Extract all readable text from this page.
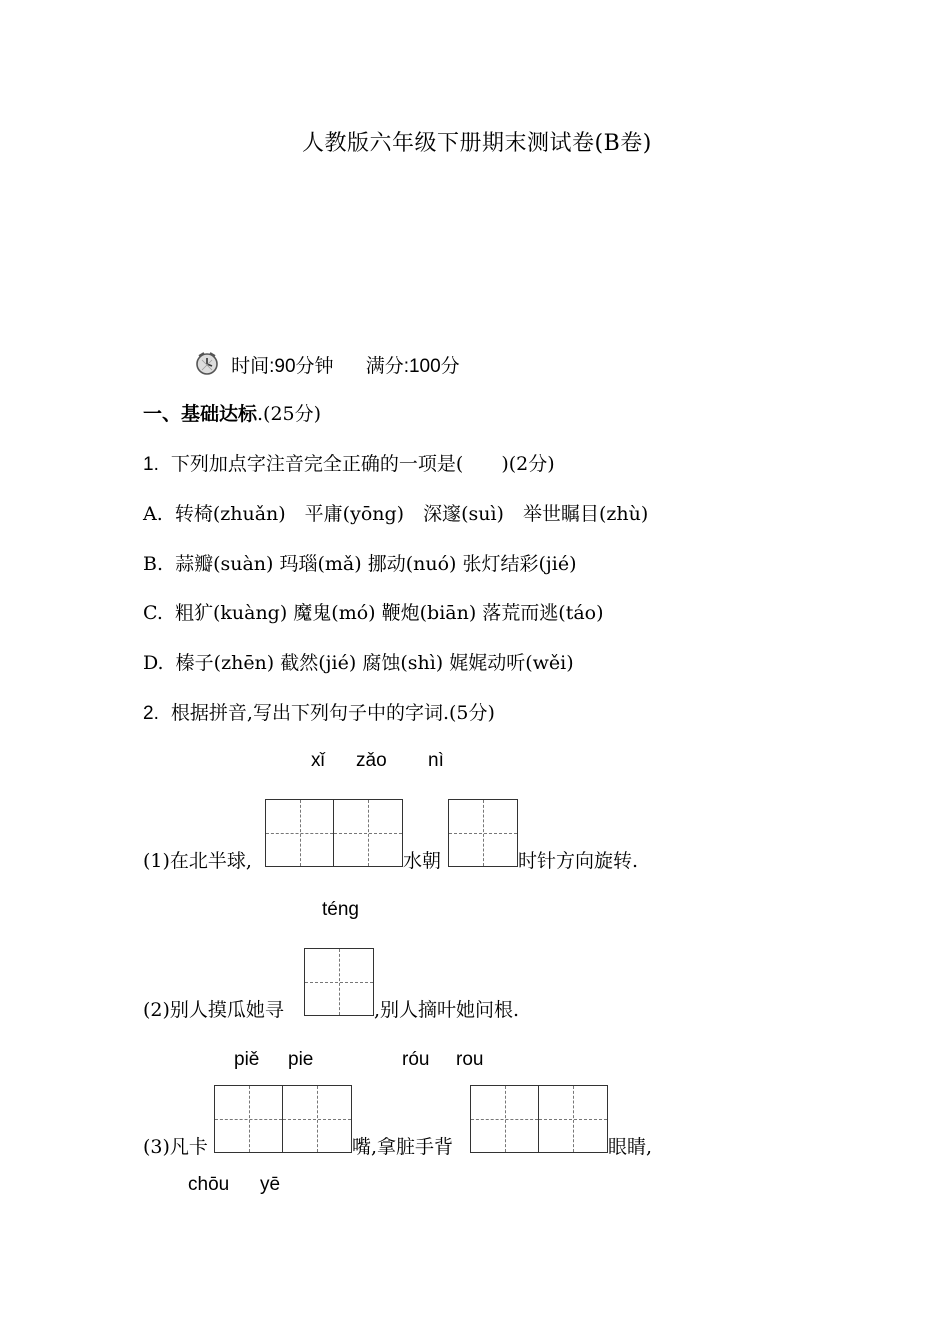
人教版六年级下册期末测试卷(B卷)
时间:90分钟 满分:100分
一、基础达标.(25分)
1. 下列加点字注音完全正确的一项是(　　)(2分)
A. 转椅(zhuǎn)　平庸(yōng)　深邃(suì)　举世瞩目(zhù)
B. 蒜瓣(suàn) 玛瑙(mǎ) 挪动(nuó) 张灯结彩(jié)
C. 粗犷(kuàng) 魔鬼(mó) 鞭炮(biān) 落荒而逃(táo)
D. 榛子(zhēn) 截然(jié) 腐蚀(shì) 娓娓动听(wěi)
2. 根据拼音,写出下列句子中的字词.(5分)
xǐ zǎo nì
(1)在北半球,	水朝	时针方向旋转.
téng
(2)别人摸瓜她寻	,别人摘叶她问根.
piě pie	róu rou
(3)凡卡	嘴,拿脏手背	眼睛,
chōu yē
